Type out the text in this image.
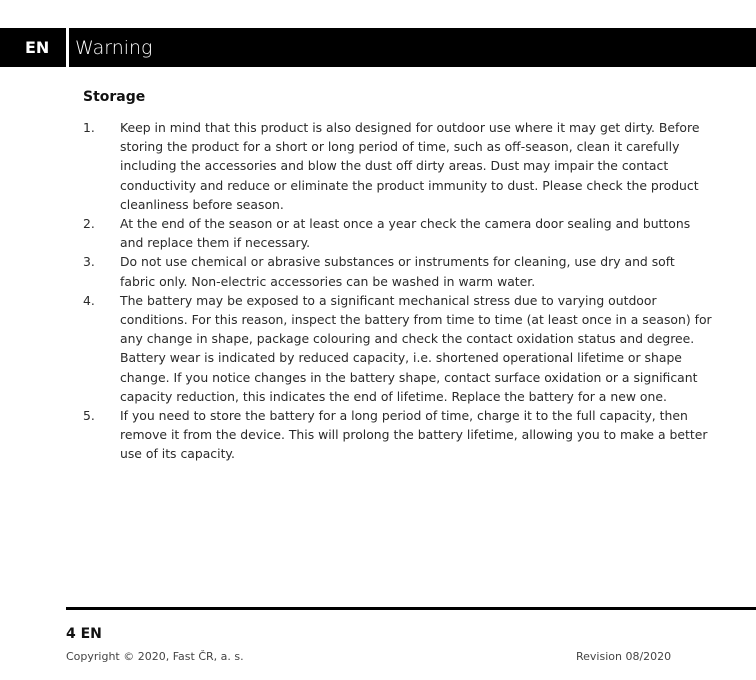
EN	Warning
Storage
1.	Keep in mind that this product is also designed for outdoor use where it may get dirty. Before storing the product for a short or long period of time, such as off-season, clean it carefully including the accessories and blow the dust off dirty areas. Dust may impair the contact conductivity and reduce or eliminate the product immunity to dust. Please check the product cleanliness before season.
2.	At the end of the season or at least once a year check the camera door sealing and buttons and replace them if necessary.
3.	Do not use chemical or abrasive substances or instruments for cleaning, use dry and soft fabric only. Non-electric accessories can be washed in warm water.
4.	The battery may be exposed to a significant mechanical stress due to varying outdoor conditions. For this reason, inspect the battery from time to time (at least once in a season) for any change in shape, package colouring and check the contact oxidation status and degree. Battery wear is indicated by reduced capacity, i.e. shortened operational lifetime or shape change. If you notice changes in the battery shape, contact surface oxidation or a significant capacity reduction, this indicates the end of lifetime. Replace the battery for a new one.
5.	If you need to store the battery for a long period of time, charge it to the full capacity, then remove it from the device. This will prolong the battery lifetime, allowing you to make a better use of its capacity.
4 EN
Copyright © 2020, Fast ČR, a. s.	Revision 08/2020
